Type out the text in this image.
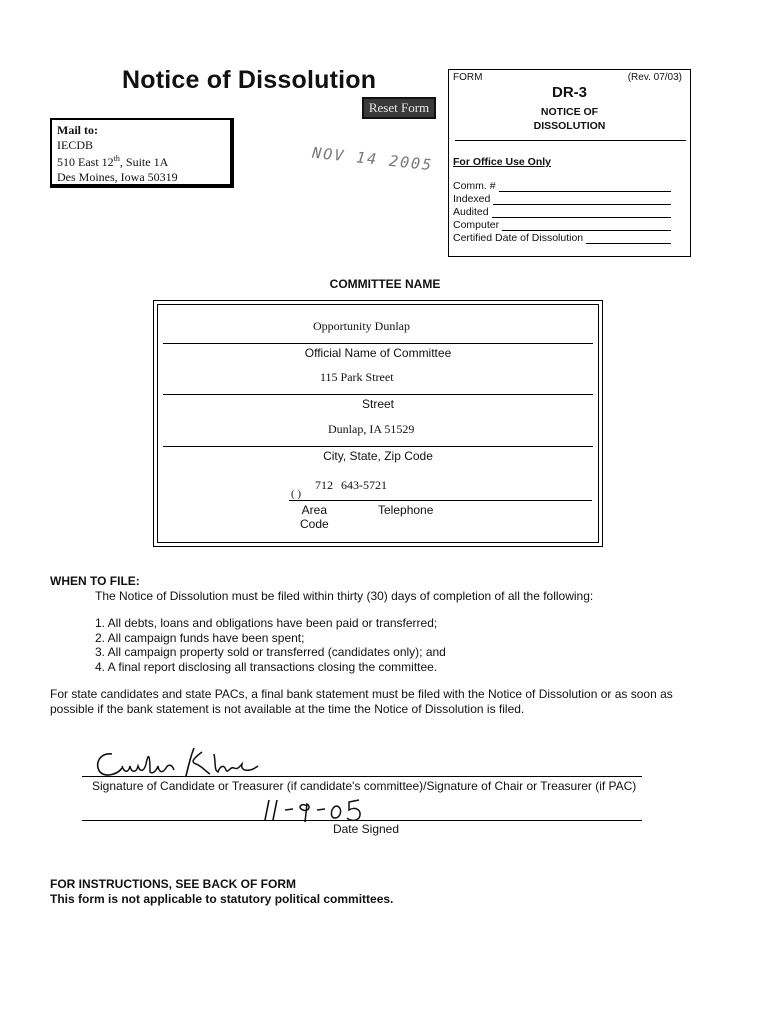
Notice of Dissolution
Reset Form
Mail to:
IECDB
510 East 12th, Suite 1A
Des Moines, Iowa 50319
NOV 14 2005
FORM	(Rev. 07/03)
DR-3
NOTICE OF
DISSOLUTION
For Office Use Only
Comm. #
Indexed
Audited
Computer
Certified Date of Dissolution
COMMITTEE NAME
Opportunity Dunlap
Official Name of Committee
115 Park Street
Street
Dunlap, IA 51529
City, State, Zip Code
712 643-5721
( )
Area
Code
Telephone
WHEN TO FILE:
The Notice of Dissolution must be filed within thirty (30) days of completion of all the following:
1. All debts, loans and obligations have been paid or transferred;
2. All campaign funds have been spent;
3. All campaign property sold or transferred (candidates only); and
4. A final report disclosing all transactions closing the committee.
For state candidates and state PACs, a final bank statement must be filed with the Notice of Dissolution or as soon as possible if the bank statement is not available at the time the Notice of Dissolution is filed.
Signature of Candidate or Treasurer (if candidate's committee)/Signature of Chair or Treasurer (if PAC)
Date Signed
FOR INSTRUCTIONS, SEE BACK OF FORM
This form is not applicable to statutory political committees.
